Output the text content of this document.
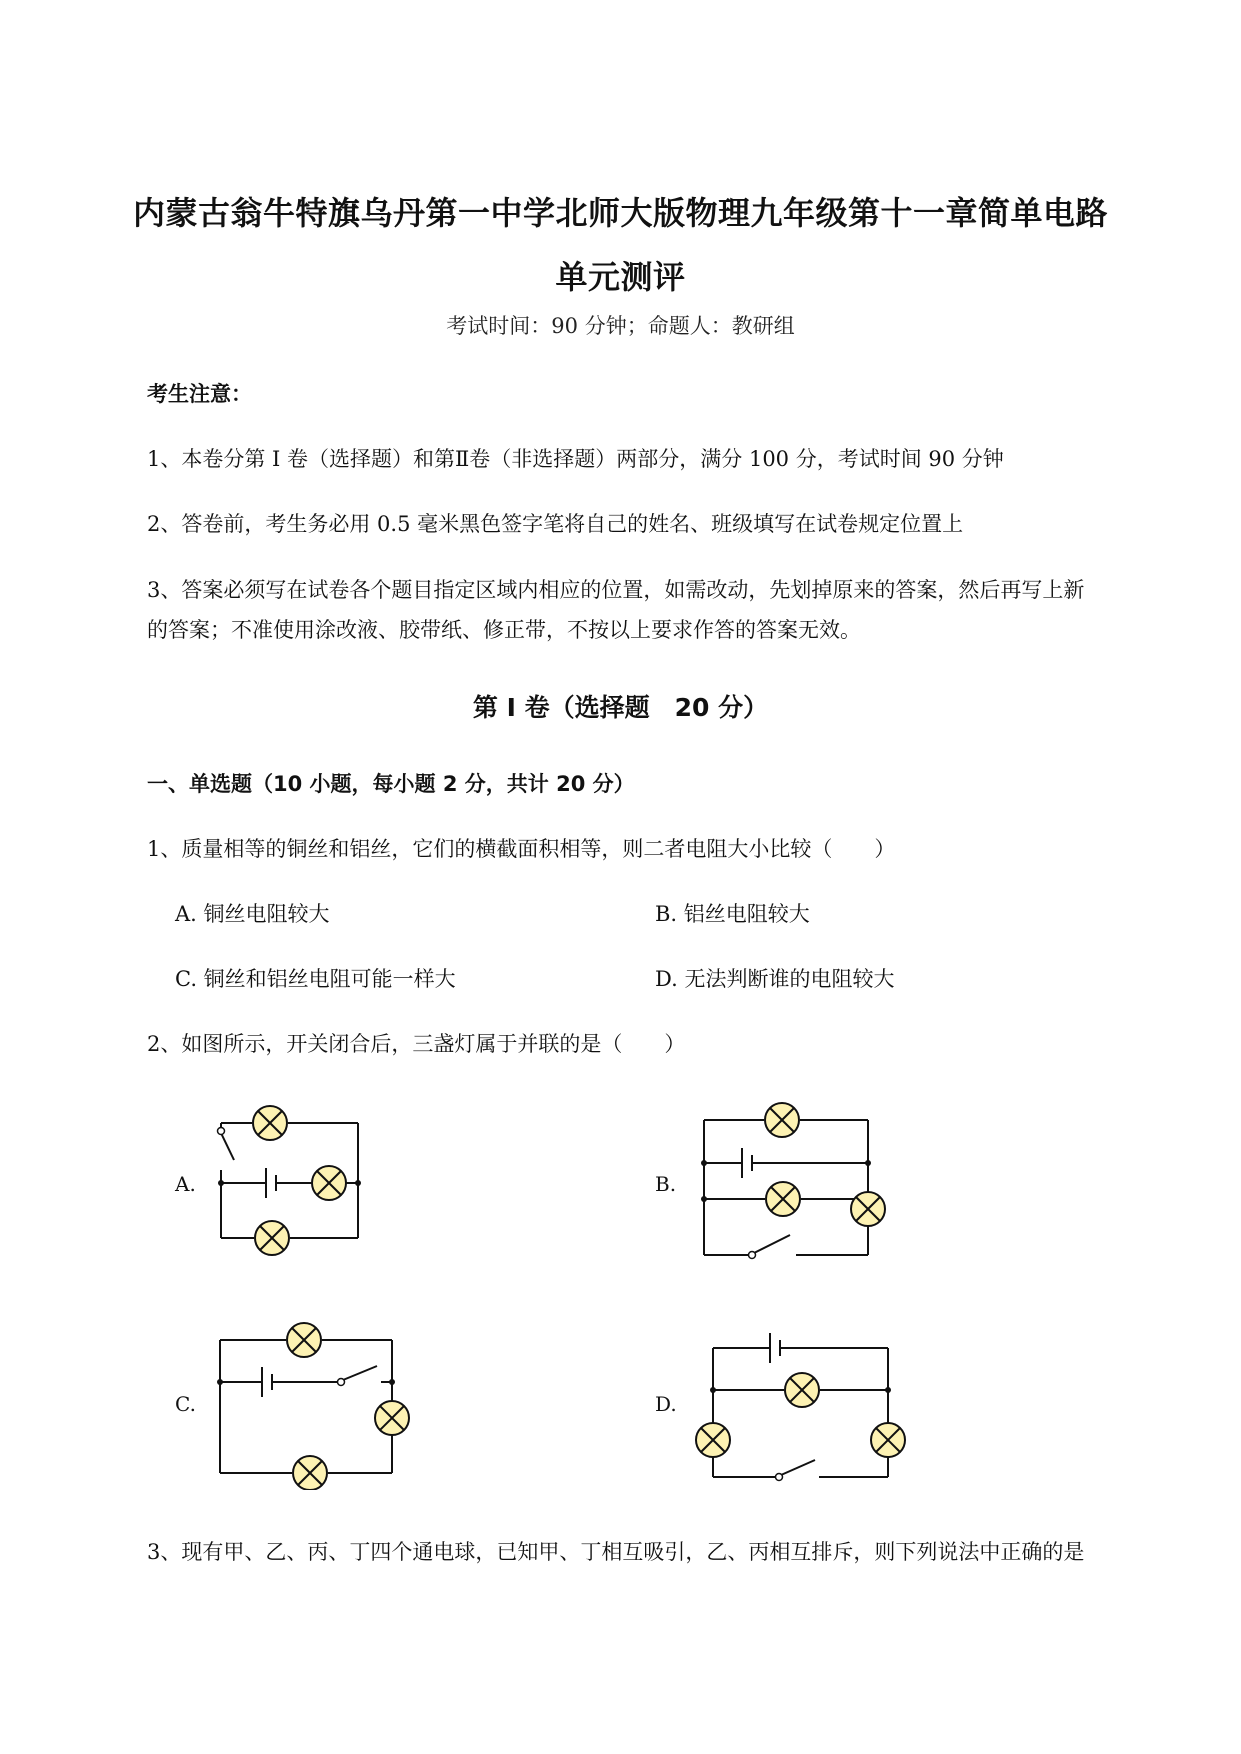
内蒙古翁牛特旗乌丹第一中学北师大版物理九年级第十一章简单电路
单元测评
考试时间：90 分钟；命题人：教研组
考生注意：
1、本卷分第 I 卷（选择题）和第Ⅱ卷（非选择题）两部分，满分 100 分，考试时间 90 分钟
2、答卷前，考生务必用 0.5 毫米黑色签字笔将自己的姓名、班级填写在试卷规定位置上
3、答案必须写在试卷各个题目指定区域内相应的位置，如需改动，先划掉原来的答案，然后再写上新
的答案；不准使用涂改液、胶带纸、修正带，不按以上要求作答的答案无效。
第 I 卷（选择题　20 分）
一、单选题（10 小题，每小题 2 分，共计 20 分）
1、质量相等的铜丝和铝丝，它们的横截面积相等，则二者电阻大小比较（　　）
A. 铜丝电阻较大	B. 铝丝电阻较大
C. 铜丝和铝丝电阻可能一样大	D. 无法判断谁的电阻较大
2、如图所示，开关闭合后，三盏灯属于并联的是（　　）
A.	B.
C.	D.
3、现有甲、乙、丙、丁四个通电球，已知甲、丁相互吸引，乙、丙相互排斥，则下列说法中正确的是
